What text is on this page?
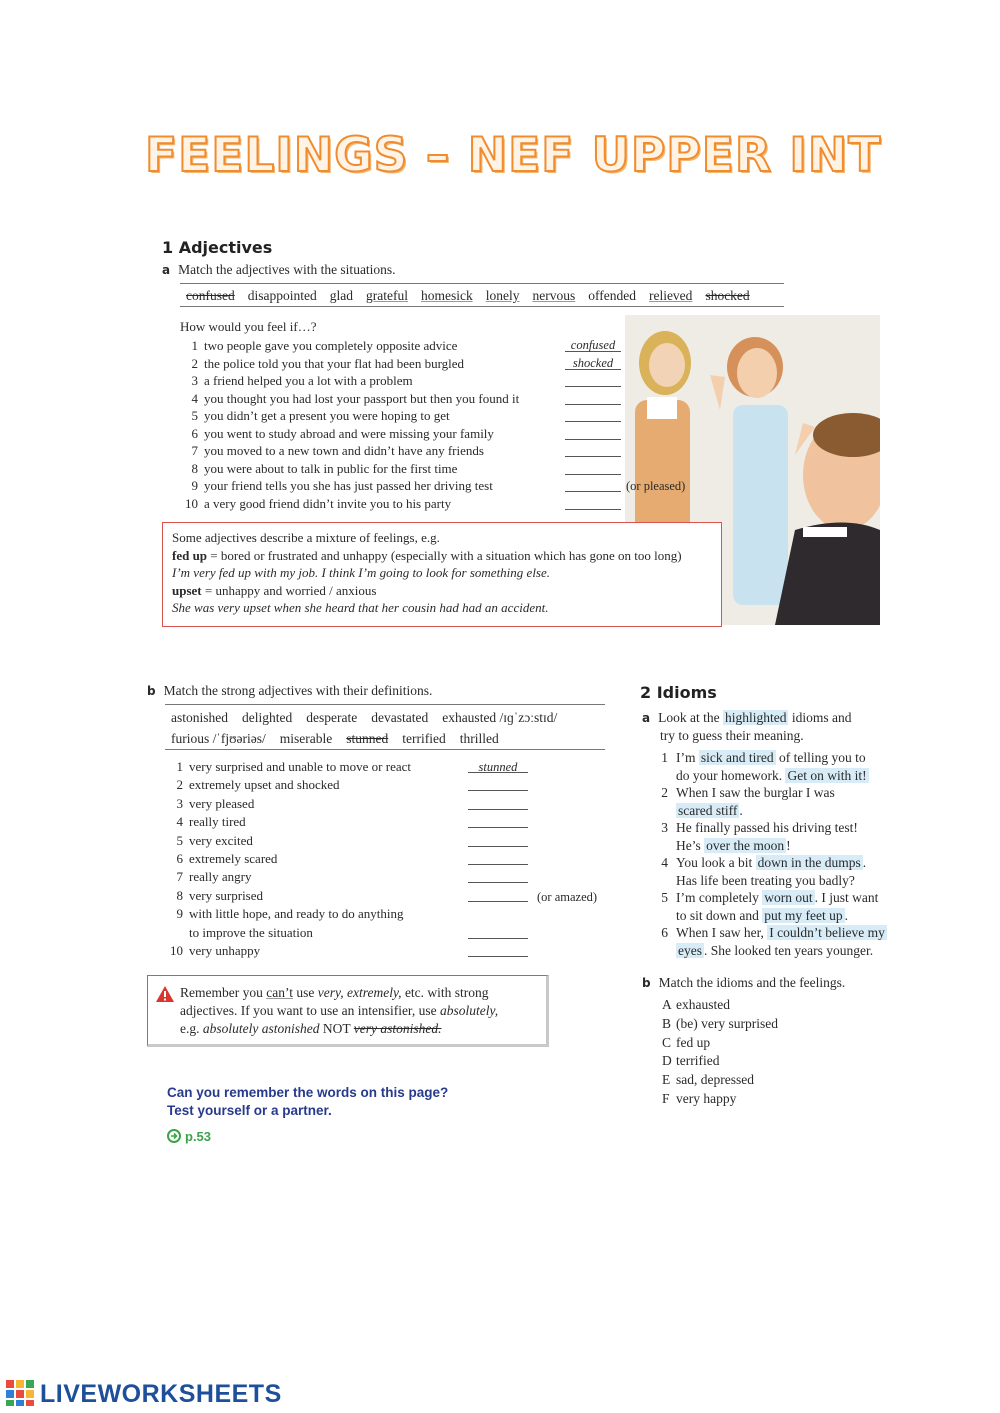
FEELINGS – NEF UPPER INT
1 Adjectives
a Match the adjectives with the situations.
confused disappointed glad grateful homesick lonely nervous offended relieved shocked
How would you feel if…?
1 two people gave you completely opposite advice	confused
2 the police told you that your flat had been burgled	shocked
3 a friend helped you a lot with a problem
4 you thought you had lost your passport but then you found it
5 you didn’t get a present you were hoping to get
6 you went to study abroad and were missing your family
7 you moved to a new town and didn’t have any friends
8 you were about to talk in public for the first time
9 your friend tells you she has just passed her driving test	(or pleased)
10 a very good friend didn’t invite you to his party
Some adjectives describe a mixture of feelings, e.g.
fed up = bored or frustrated and unhappy (especially with a situation which has gone on too long)
I’m very fed up with my job. I think I’m going to look for something else.
upset = unhappy and worried / anxious
She was very upset when she heard that her cousin had had an accident.
b Match the strong adjectives with their definitions.
astonished delighted desperate devastated exhausted /ɪɡˈzɔːstɪd/
furious /ˈfjʊəriəs/ miserable stunned terrified thrilled
1 very surprised and unable to move or react	stunned
2 extremely upset and shocked
3 very pleased
4 really tired
5 very excited
6 extremely scared
7 really angry
8 very surprised	(or amazed)
9 with little hope, and ready to do anything
to improve the situation
10 very unhappy
Remember you can’t use very, extremely, etc. with strong
adjectives. If you want to use an intensifier, use absolutely,
e.g. absolutely astonished NOT very astonished.
Can you remember the words on this page?
Test yourself or a partner.
p.53
2 Idioms
a Look at the highlighted idioms and
try to guess their meaning.
1 I’m sick and tired of telling you to
do your homework. Get on with it!
2 When I saw the burglar I was
scared stiff .
3 He finally passed his driving test!
He’s over the moon !
4 You look a bit down in the dumps .
Has life been treating you badly?
5 I’m completely worn out . I just want
to sit down and put my feet up .
6 When I saw her, I couldn’t believe my
eyes . She looked ten years younger.
b Match the idioms and the feelings.
A exhausted
B (be) very surprised
C fed up
D terrified
E sad, depressed
F very happy
LIVEWORKSHEETS
